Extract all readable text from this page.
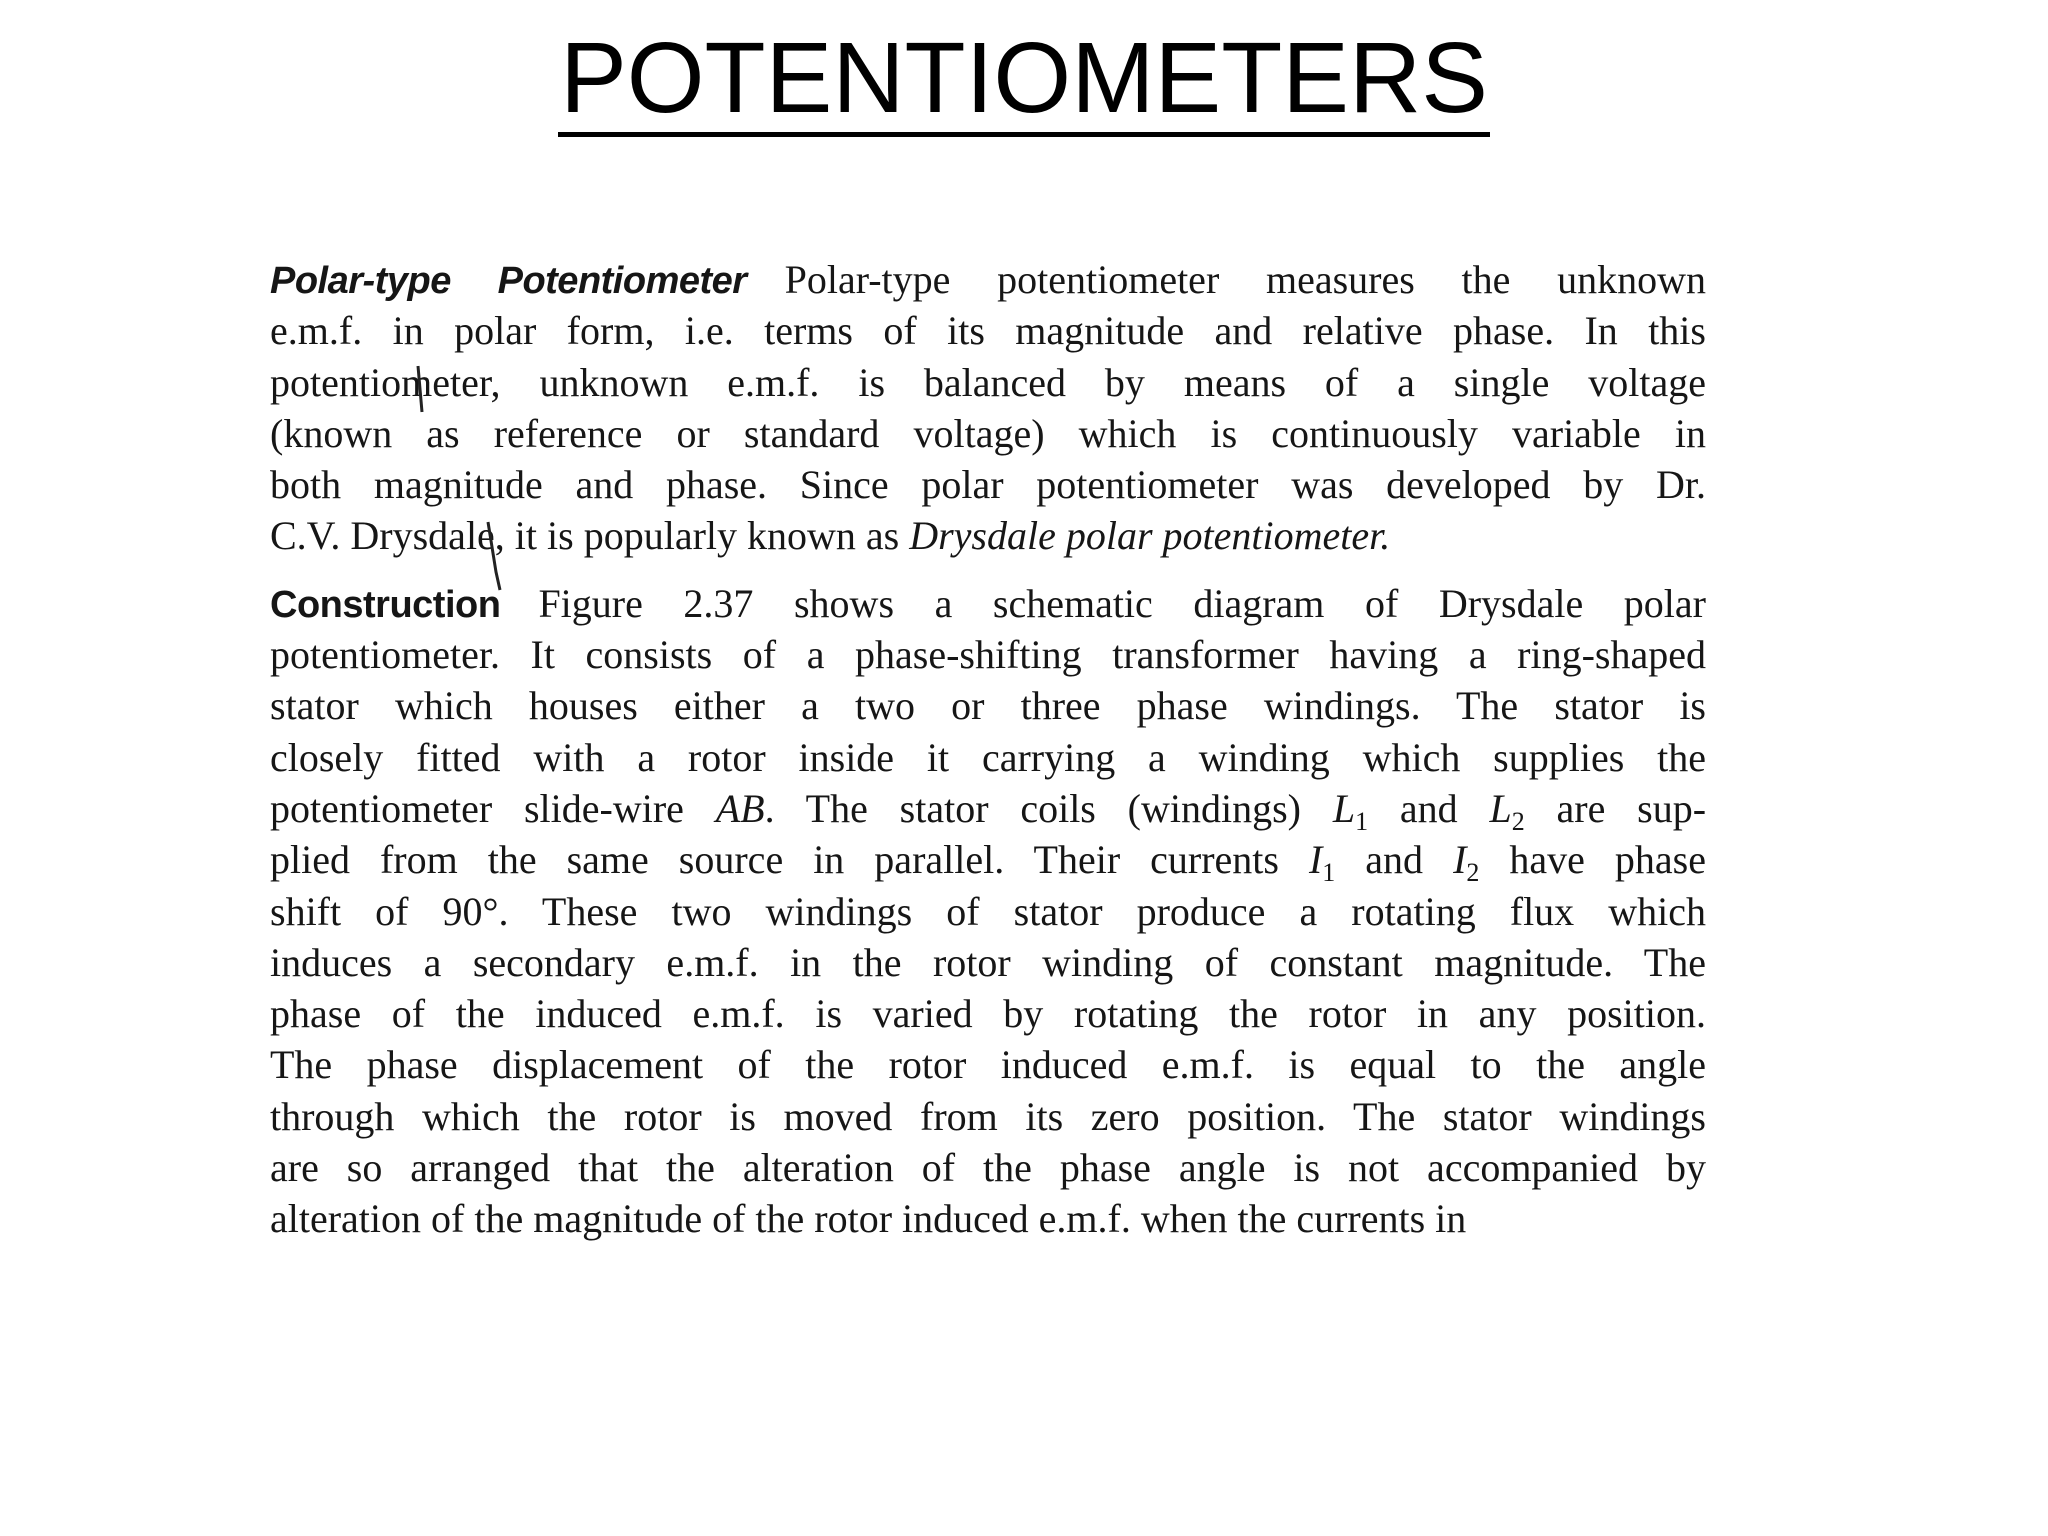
POTENTIOMETERS
Polar-type Potentiometer Polar-type potentiometer measures the unknown
e.m.f. in polar form, i.e. terms of its magnitude and relative phase. In this
potentiometer, unknown e.m.f. is balanced by means of a single voltage
(known as reference or standard voltage) which is continuously variable in
both magnitude and phase. Since polar potentiometer was developed by Dr.
C.V. Drysdale, it is popularly known as Drysdale polar potentiometer.
Construction Figure 2.37 shows a schematic diagram of Drysdale polar
potentiometer. It consists of a phase-shifting transformer having a ring-shaped
stator which houses either a two or three phase windings. The stator is
closely fitted with a rotor inside it carrying a winding which supplies the
potentiometer slide-wire AB. The stator coils (windings) $L_1$ and $L_2$ are sup-
plied from the same source in parallel. Their currents $I_1$ and $I_2$ have phase
shift of 90°. These two windings of stator produce a rotating flux which
induces a secondary e.m.f. in the rotor winding of constant magnitude. The
phase of the induced e.m.f. is varied by rotating the rotor in any position.
The phase displacement of the rotor induced e.m.f. is equal to the angle
through which the rotor is moved from its zero position. The stator windings
are so arranged that the alteration of the phase angle is not accompanied by
alteration of the magnitude of the rotor induced e.m.f. when the currents in
